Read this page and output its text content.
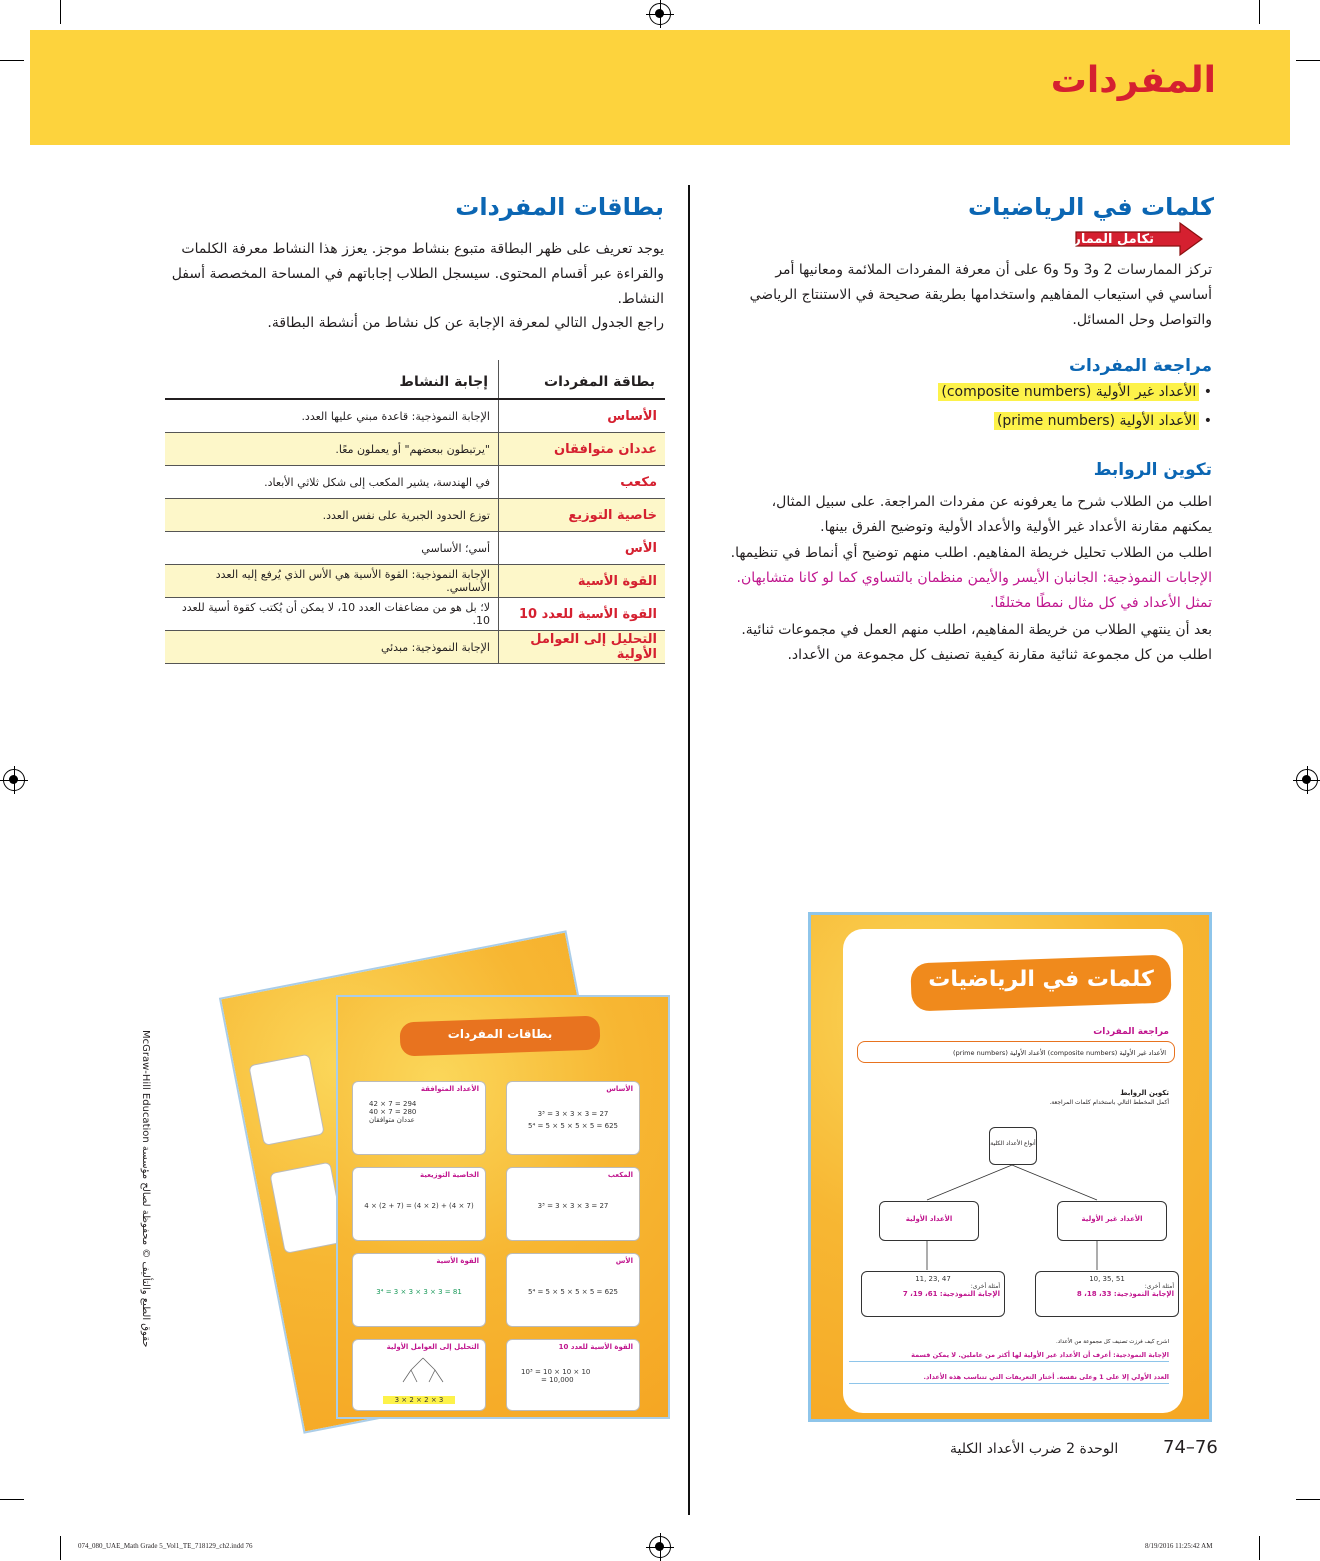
المفردات
كلمات في الرياضيات
تكامل الممارسات
تركز الممارسات 2 و3 و5 و6 على أن معرفة المفردات الملائمة ومعانيها أمر أساسي في استيعاب المفاهيم واستخدامها بطريقة صحيحة في الاستنتاج الرياضي والتواصل وحل المسائل.
مراجعة المفردات
• الأعداد غير الأولية (composite numbers)
• الأعداد الأولية (prime numbers)
تكوين الروابط
اطلب من الطلاب شرح ما يعرفونه عن مفردات المراجعة. على سبيل المثال، يمكنهم مقارنة الأعداد غير الأولية والأعداد الأولية وتوضيح الفرق بينها.
اطلب من الطلاب تحليل خريطة المفاهيم. اطلب منهم توضيح أي أنماط في تنظيمها.
الإجابات النموذجية: الجانبان الأيسر والأيمن منظمان بالتساوي كما لو كانا متشابهان. تمثل الأعداد في كل مثال نمطًا مختلفًا.
بعد أن ينتهي الطلاب من خريطة المفاهيم، اطلب منهم العمل في مجموعات ثنائية. اطلب من كل مجموعة ثنائية مقارنة كيفية تصنيف كل مجموعة من الأعداد.
بطاقات المفردات
يوجد تعريف على ظهر البطاقة متبوع بنشاط موجز. يعزز هذا النشاط معرفة الكلمات والقراءة عبر أقسام المحتوى. سيسجل الطلاب إجاباتهم في المساحة المخصصة أسفل النشاط.
راجع الجدول التالي لمعرفة الإجابة عن كل نشاط من أنشطة البطاقة.
بطاقة المفردات	إجابة النشاط
الأساس	الإجابة النموذجية: قاعدة مبني عليها العدد.
عددان متوافقان	"يرتبطون ببعضهم" أو يعملون معًا.
مكعب	في الهندسة، يشير المكعب إلى شكل ثلاثي الأبعاد.
خاصية التوزيع	توزع الحدود الجبرية على نفس العدد.
الأس	أسي؛ الأساسي
القوة الأسية	الإجابة النموذجية: القوة الأسية هي الأس الذي يُرفع إليه العدد الأساسي.
القوة الأسية للعدد 10	لا؛ بل هو من مضاعفات العدد 10، لا يمكن أن يُكتب كقوة أسية للعدد 10.
التحليل إلى العوامل الأولية	الإجابة النموذجية: مبدئي
McGraw-Hill Education حقوق الطبع والتأليف © محفوظة لصالح مؤسسة
بطاقات المفردات
الأساس
3³ = 3 × 3 × 3 = 27
5⁴ = 5 × 5 × 5 × 5 = 625
الأعداد المتوافقة
42 × 7 = 294
40 × 7 = 280
عددان متوافقان
المكعب
3³ = 3 × 3 × 3 = 27
الخاصية التوزيعية
4 × (2 + 7) = (4 × 2) + (4 × 7)
الأس
5⁴ = 5 × 5 × 5 × 5 = 625
القوة الأسية
3⁴ = 3 × 3 × 3 × 3 = 81
القوة الأسية للعدد 10
10³ = 10 × 10 × 10
= 10,000
التحليل إلى العوامل الأولية
3 × 2 × 2 × 3
كلمات في الرياضيات
مراجعة المفردات
الأعداد غير الأولية (composite numbers) الأعداد الأولية (prime numbers)
تكوين الروابط
أكمل المخطط التالي باستخدام كلمات المراجعة.
أنواع الأعداد الكلية
الأعداد الأولية	الأعداد غير الأولية
11, 23, 47
أمثلة أخرى:
الإجابة النموذجية: 61، 19، 7
10, 35, 51
أمثلة أخرى:
الإجابة النموذجية: 33، 18، 8
اشرح كيف فرزت تصنيف كل مجموعة من الأعداد.
الإجابة النموذجية: أعرف أن الأعداد غير الأولية لها أكثر من عاملين. لا يمكن قسمة
العدد الأولي إلا على 1 وعلى نفسه. أختار التعريفات التي تتناسب هذه الأعداد.
الوحدة 2 ضرب الأعداد الكلية 74–76
074_080_UAE_Math Grade 5_Vol1_TE_718129_ch2.indd 76	8/19/2016 11:25:42 AM
